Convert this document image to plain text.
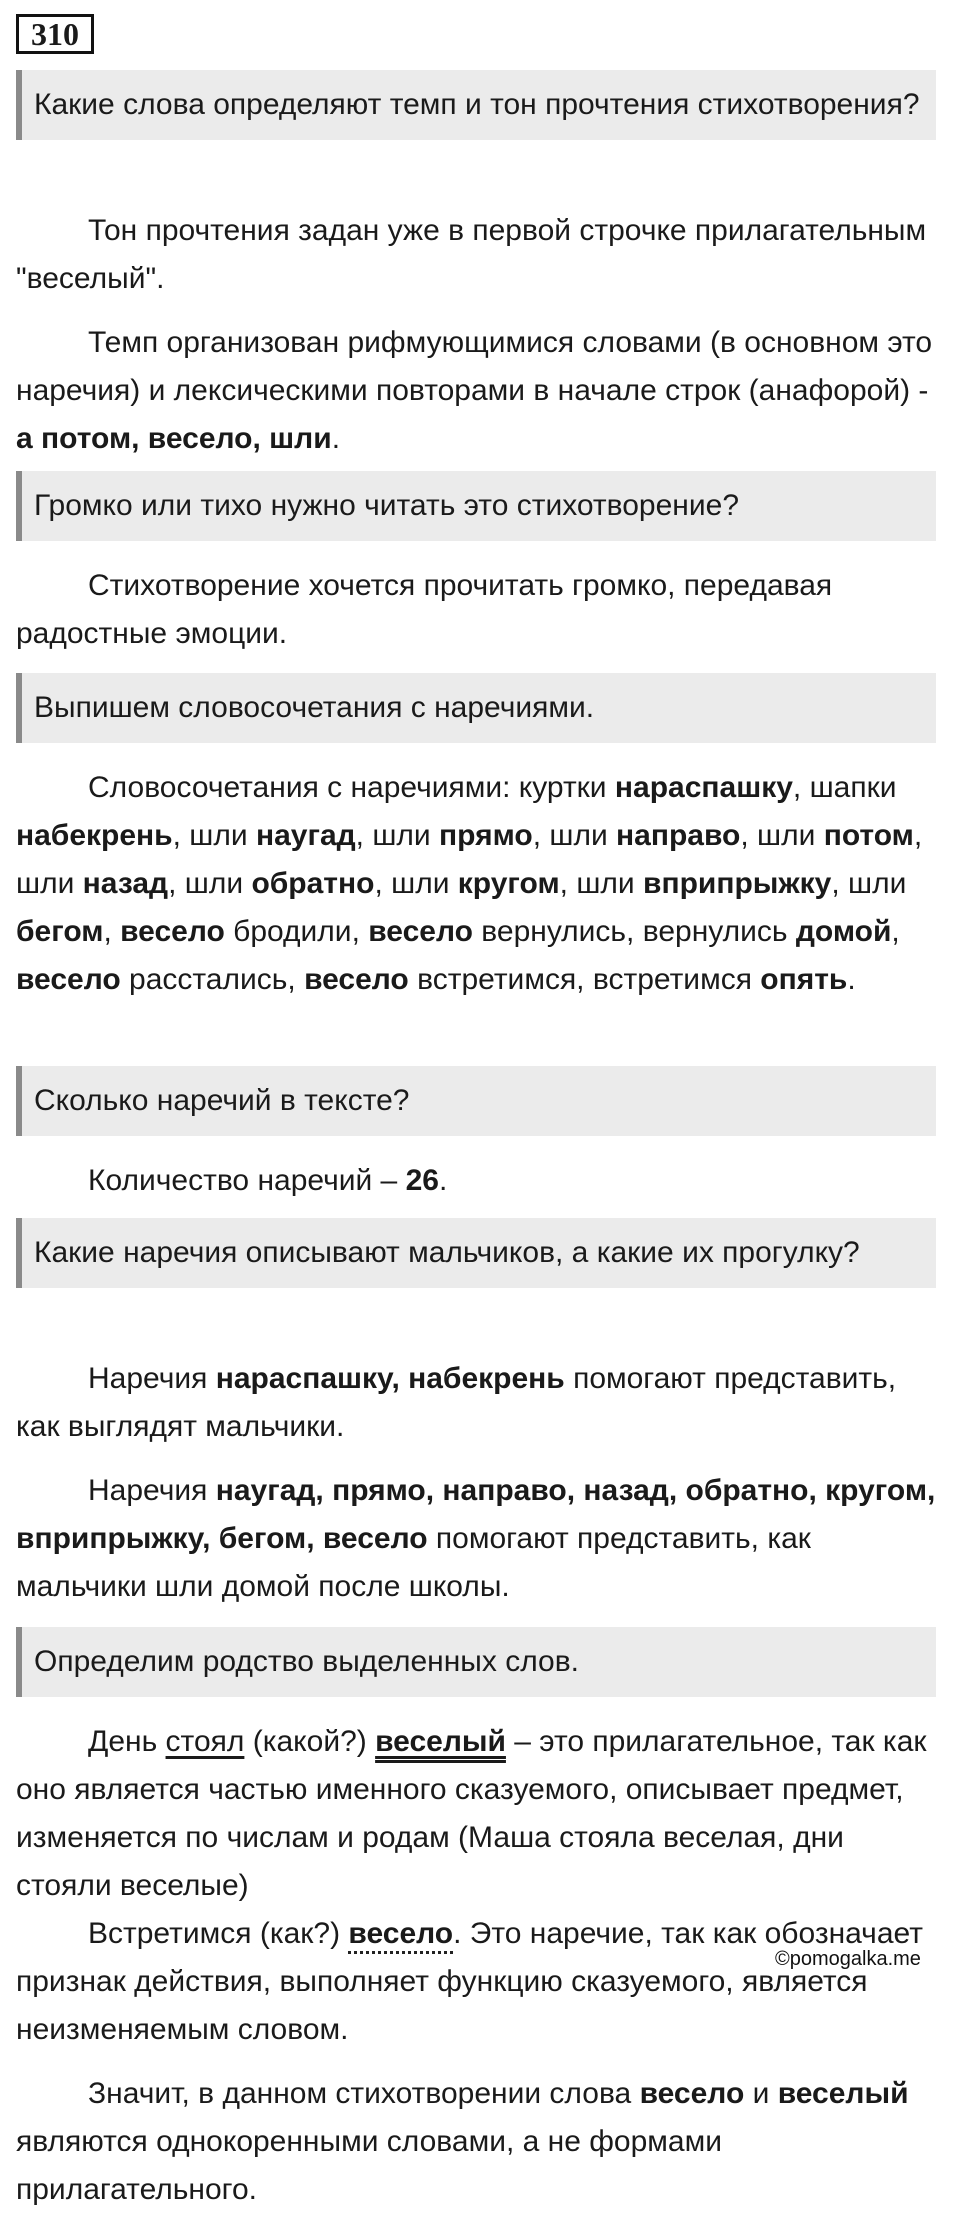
310
Какие слова определяют темп и тон прочтения стихотворения?

Тон прочтения задан уже в первой строчке прилагательным "веселый".

Темп организован рифмующимися словами (в основном это наречия) и лексическими повторами в начале строк (анафорой) - а потом, весело, шли.

Громко или тихо нужно читать это стихотворение?

Стихотворение хочется прочитать громко, передавая радостные эмоции.

Выпишем словосочетания с наречиями.

Словосочетания с наречиями: куртки нараспашку, шапки набекрень, шли наугад, шли прямо, шли направо, шли потом, шли назад, шли обратно, шли кругом, шли вприпрыжку, шли бегом, весело бродили, весело вернулись, вернулись домой, весело расстались, весело встретимся, встретимся опять.

Сколько наречий в тексте?

Количество наречий – 26.

Какие наречия описывают мальчиков, а какие их прогулку?

Наречия нараспашку, набекрень помогают представить, как выглядят мальчики.

Наречия наугад, прямо, направо, назад, обратно, кругом, вприпрыжку, бегом, весело помогают представить, как мальчики шли домой после школы.

Определим родство выделенных слов.

День стоял (какой?) веселый – это прилагательное, так как оно является частью именного сказуемого, описывает предмет, изменяется по числам и родам (Маша стояла веселая, дни стояли веселые)

Встретимся (как?) весело. Это наречие, так как обозначает признак действия, выполняет функцию сказуемого, является неизменяемым словом.

Значит, в данном стихотворении слова весело и веселый являются однокоренными словами, а не формами прилагательного.

©pomogalka.me
